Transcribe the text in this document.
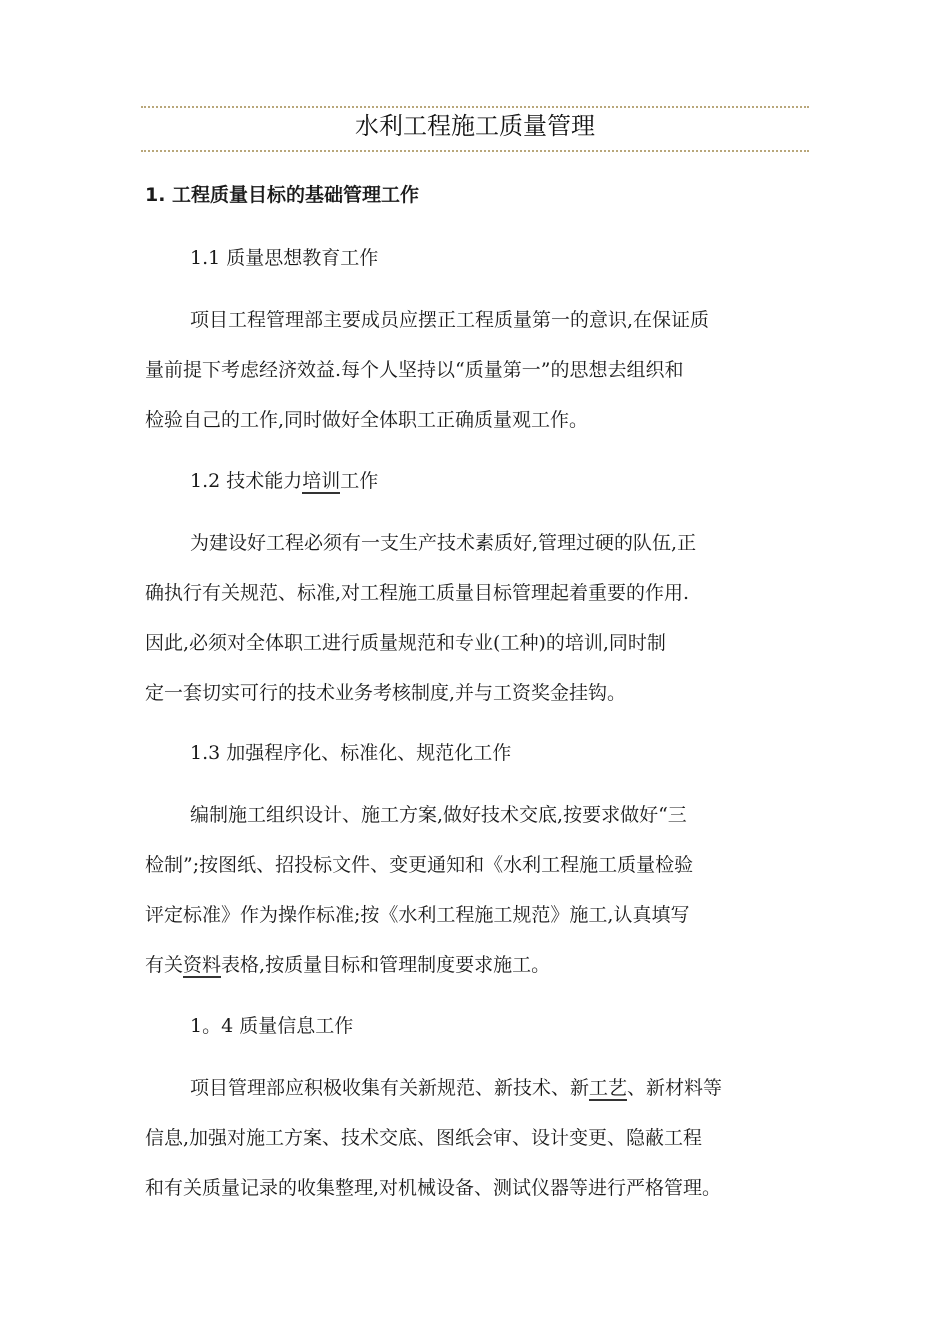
水利工程施工质量管理
1. 工程质量目标的基础管理工作
1.1 质量思想教育工作
项目工程管理部主要成员应摆正工程质量第一的意识,在保证质
量前提下考虑经济效益.每个人坚持以“质量第一”的思想去组织和
检验自己的工作,同时做好全体职工正确质量观工作。
1.2 技术能力培训工作
为建设好工程必须有一支生产技术素质好,管理过硬的队伍,正
确执行有关规范、标准,对工程施工质量目标管理起着重要的作用.
因此,必须对全体职工进行质量规范和专业(工种)的培训,同时制
定一套切实可行的技术业务考核制度,并与工资奖金挂钩。
1.3 加强程序化、标准化、规范化工作
编制施工组织设计、施工方案,做好技术交底,按要求做好“三
检制”;按图纸、招投标文件、变更通知和《水利工程施工质量检验
评定标准》作为操作标准;按《水利工程施工规范》施工,认真填写
有关资料表格,按质量目标和管理制度要求施工。
1。4 质量信息工作
项目管理部应积极收集有关新规范、新技术、新工艺、新材料等
信息,加强对施工方案、技术交底、图纸会审、设计变更、隐蔽工程
和有关质量记录的收集整理,对机械设备、测试仪器等进行严格管理。
